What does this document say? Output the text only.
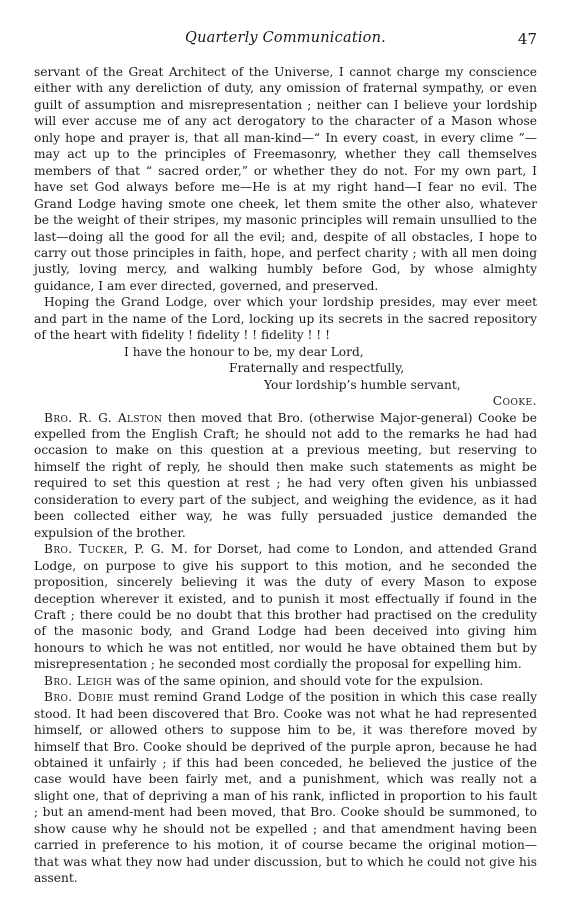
Quarterly Communication.	47

servant of the Great Architect of the Universe, I cannot charge my conscience either with any dereliction of duty, any omission of fraternal sympathy, or even guilt of assumption and misrepresentation ; neither can I believe your lordship will ever accuse me of any act derogatory to the character of a Mason whose only hope and prayer is, that all man-kind—“ In every coast, in every clime ”—may act up to the principles of Freemasonry, whether they call themselves members of that “ sacred order,” or whether they do not. For my own part, I have set God always before me—He is at my right hand—I fear no evil. The Grand Lodge having smote one cheek, let them smite the other also, whatever be the weight of their stripes, my masonic principles will remain unsullied to the last—doing all the good for all the evil; and, despite of all obstacles, I hope to carry out those principles in faith, hope, and perfect charity ; with all men doing justly, loving mercy, and walking humbly before God, by whose almighty guidance, I am ever directed, governed, and preserved.

Hoping the Grand Lodge, over which your lordship presides, may ever meet and part in the name of the Lord, locking up its secrets in the sacred repository of the heart with fidelity ! fidelity ! ! fidelity ! ! !

I have the honour to be, my dear Lord,
Fraternally and respectfully,
Your lordship’s humble servant,
Cooke.

Bro. R. G. Alston then moved that Bro. (otherwise Major-general) Cooke be expelled from the English Craft; he should not add to the remarks he had had occasion to make on this question at a previous meeting, but reserving to himself the right of reply, he should then make such statements as might be required to set this question at rest ; he had very often given his unbiassed consideration to every part of the subject, and weighing the evidence, as it had been collected either way, he was fully persuaded justice demanded the expulsion of the brother.

Bro. Tucker, P. G. M. for Dorset, had come to London, and attended Grand Lodge, on purpose to give his support to this motion, and he seconded the proposition, sincerely believing it was the duty of every Mason to expose deception wherever it existed, and to punish it most effectually if found in the Craft ; there could be no doubt that this brother had practised on the credulity of the masonic body, and Grand Lodge had been deceived into giving him honours to which he was not entitled, nor would he have obtained them but by misrepresentation ; he seconded most cordially the proposal for expelling him.

Bro. Leigh was of the same opinion, and should vote for the expulsion.

Bro. Dobie must remind Grand Lodge of the position in which this case really stood. It had been discovered that Bro. Cooke was not what he had represented himself, or allowed others to suppose him to be, it was therefore moved by himself that Bro. Cooke should be deprived of the purple apron, because he had obtained it unfairly ; if this had been conceded, he believed the justice of the case would have been fairly met, and a punishment, which was really not a slight one, that of depriving a man of his rank, inflicted in proportion to his fault ; but an amend-ment had been moved, that Bro. Cooke should be summoned, to show cause why he should not be expelled ; and that amendment having been carried in preference to his motion, it of course became the original motion—that was what they now had under discussion, but to which he could not give his assent.
